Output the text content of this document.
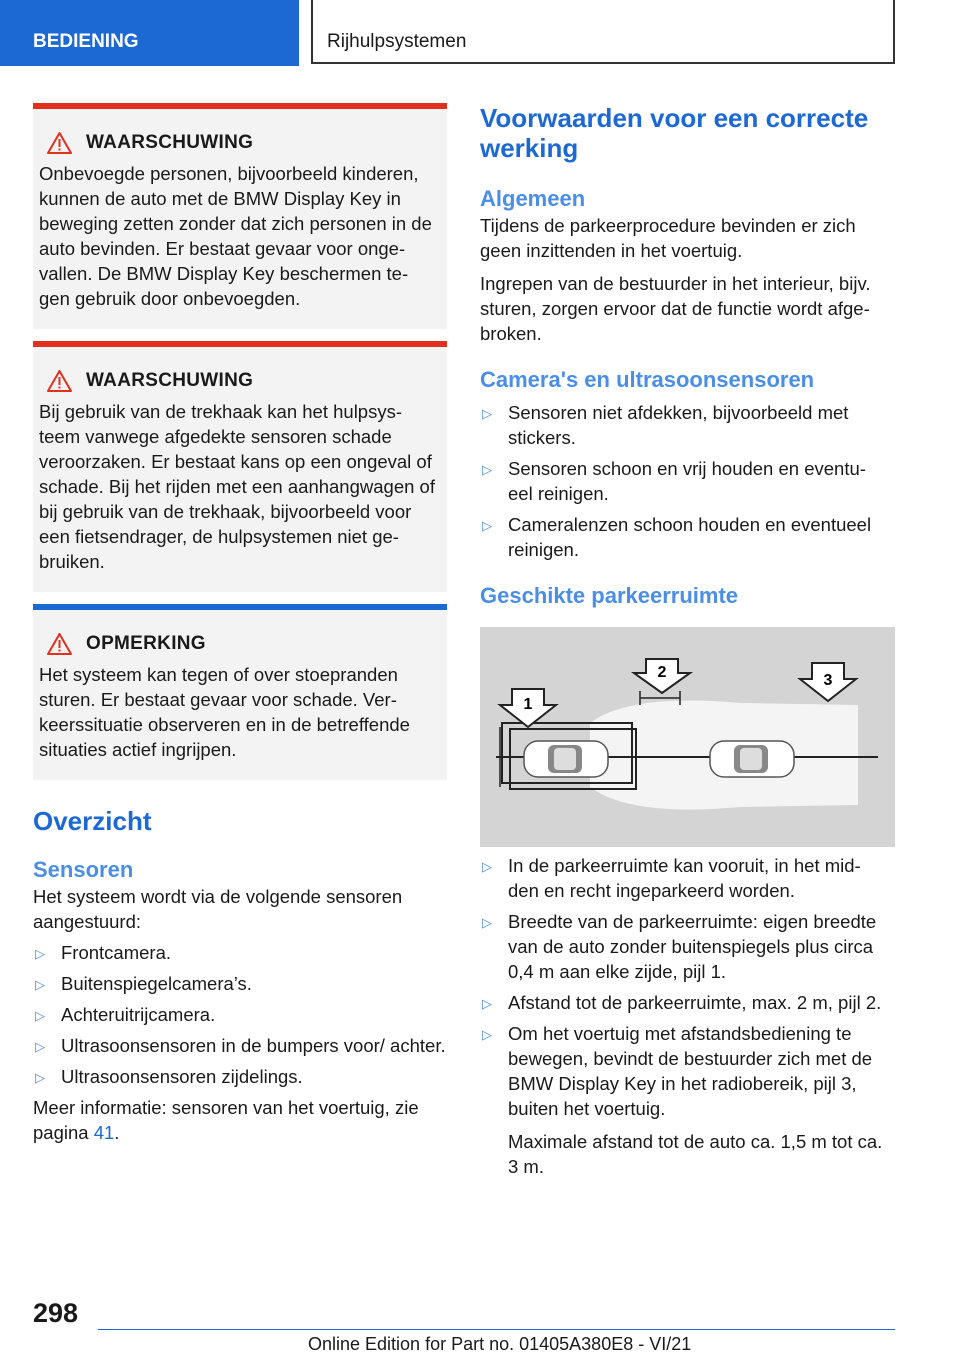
BEDIENING	Rijhulpsystemen
WAARSCHUWING
Onbevoegde personen, bijvoorbeeld kinderen, kunnen de auto met de BMW Display Key in beweging zetten zonder dat zich personen in de auto bevinden. Er bestaat gevaar voor onge- vallen. De BMW Display Key beschermen te- gen gebruik door onbevoegden.
WAARSCHUWING
Bij gebruik van de trekhaak kan het hulpsys- teem vanwege afgedekte sensoren schade veroorzaken. Er bestaat kans op een ongeval of schade. Bij het rijden met een aanhangwagen of bij gebruik van de trekhaak, bijvoorbeeld voor een fietsendrager, de hulpsystemen niet ge- bruiken.
OPMERKING
Het systeem kan tegen of over stoepranden sturen. Er bestaat gevaar voor schade. Ver- keerssituatie observeren en in de betreffende situaties actief ingrijpen.
Overzicht
Sensoren

Het systeem wordt via de volgende sensoren aangestuurd:

▷ Frontcamera.
▷ Buitenspiegelcamera’s.
▷ Achteruitrijcamera.
▷ Ultrasoonsensoren in de bumpers voor/ achter.
▷ Ultrasoonsensoren zijdelings.

Meer informatie: sensoren van het voertuig, zie pagina 41.

Voorwaarden voor een correcte werking
Algemeen

Tijdens de parkeerprocedure bevinden er zich geen inzittenden in het voertuig.

Ingrepen van de bestuurder in het interieur, bijv. sturen, zorgen ervoor dat de functie wordt afge- broken.

Camera's en ultrasoonsensoren
▷ Sensoren niet afdekken, bijvoorbeeld met stickers.
▷ Sensoren schoon en vrij houden en eventu- eel reinigen.
▷ Cameralenzen schoon houden en eventueel reinigen.
Geschikte parkeerruimte
1
2	3
▷ In de parkeerruimte kan vooruit, in het mid- den en recht ingeparkeerd worden.
▷ Breedte van de parkeerruimte: eigen breedte van de auto zonder buitenspiegels plus circa 0,4 m aan elke zijde, pijl 1.
▷ Afstand tot de parkeerruimte, max. 2 m, pijl 2.
▷ Om het voertuig met afstandsbediening te bewegen, bevindt de bestuurder zich met de BMW Display Key in het radiobereik, pijl 3, buiten het voertuig.

Maximale afstand tot de auto ca. 1,5 m tot ca. 3 m.

298
Online Edition for Part no. 01405A380E8 - VI/21
